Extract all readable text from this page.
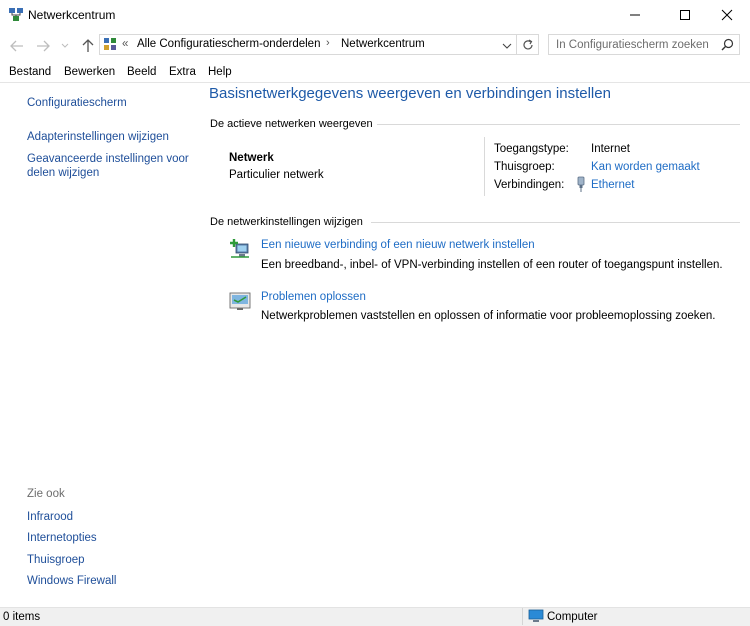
Netwerkcentrum
« Alle Configuratiescherm-onderdelen › Netwerkcentrum
In Configuratiescherm zoeken
Bestand Bewerken Beeld Extra Help
Configuratiescherm
Adapterinstellingen wijzigen
Geavanceerde instellingen voor delen wijzigen
Zie ook
Infrarood
Internetopties
Thuisgroep
Windows Firewall
Basisnetwerkgegevens weergeven en verbindingen instellen
De actieve netwerken weergeven
Netwerk
Particulier netwerk
Toegangstype: Internet
Thuisgroep:	Kan worden gemaakt
Verbindingen: Ethernet
De netwerkinstellingen wijzigen
Een nieuwe verbinding of een nieuw netwerk instellen
Een breedband-, inbel- of VPN-verbinding instellen of een router of toegangspunt instellen.
Problemen oplossen
Netwerkproblemen vaststellen en oplossen of informatie voor probleemoplossing zoeken.
0 items	Computer
